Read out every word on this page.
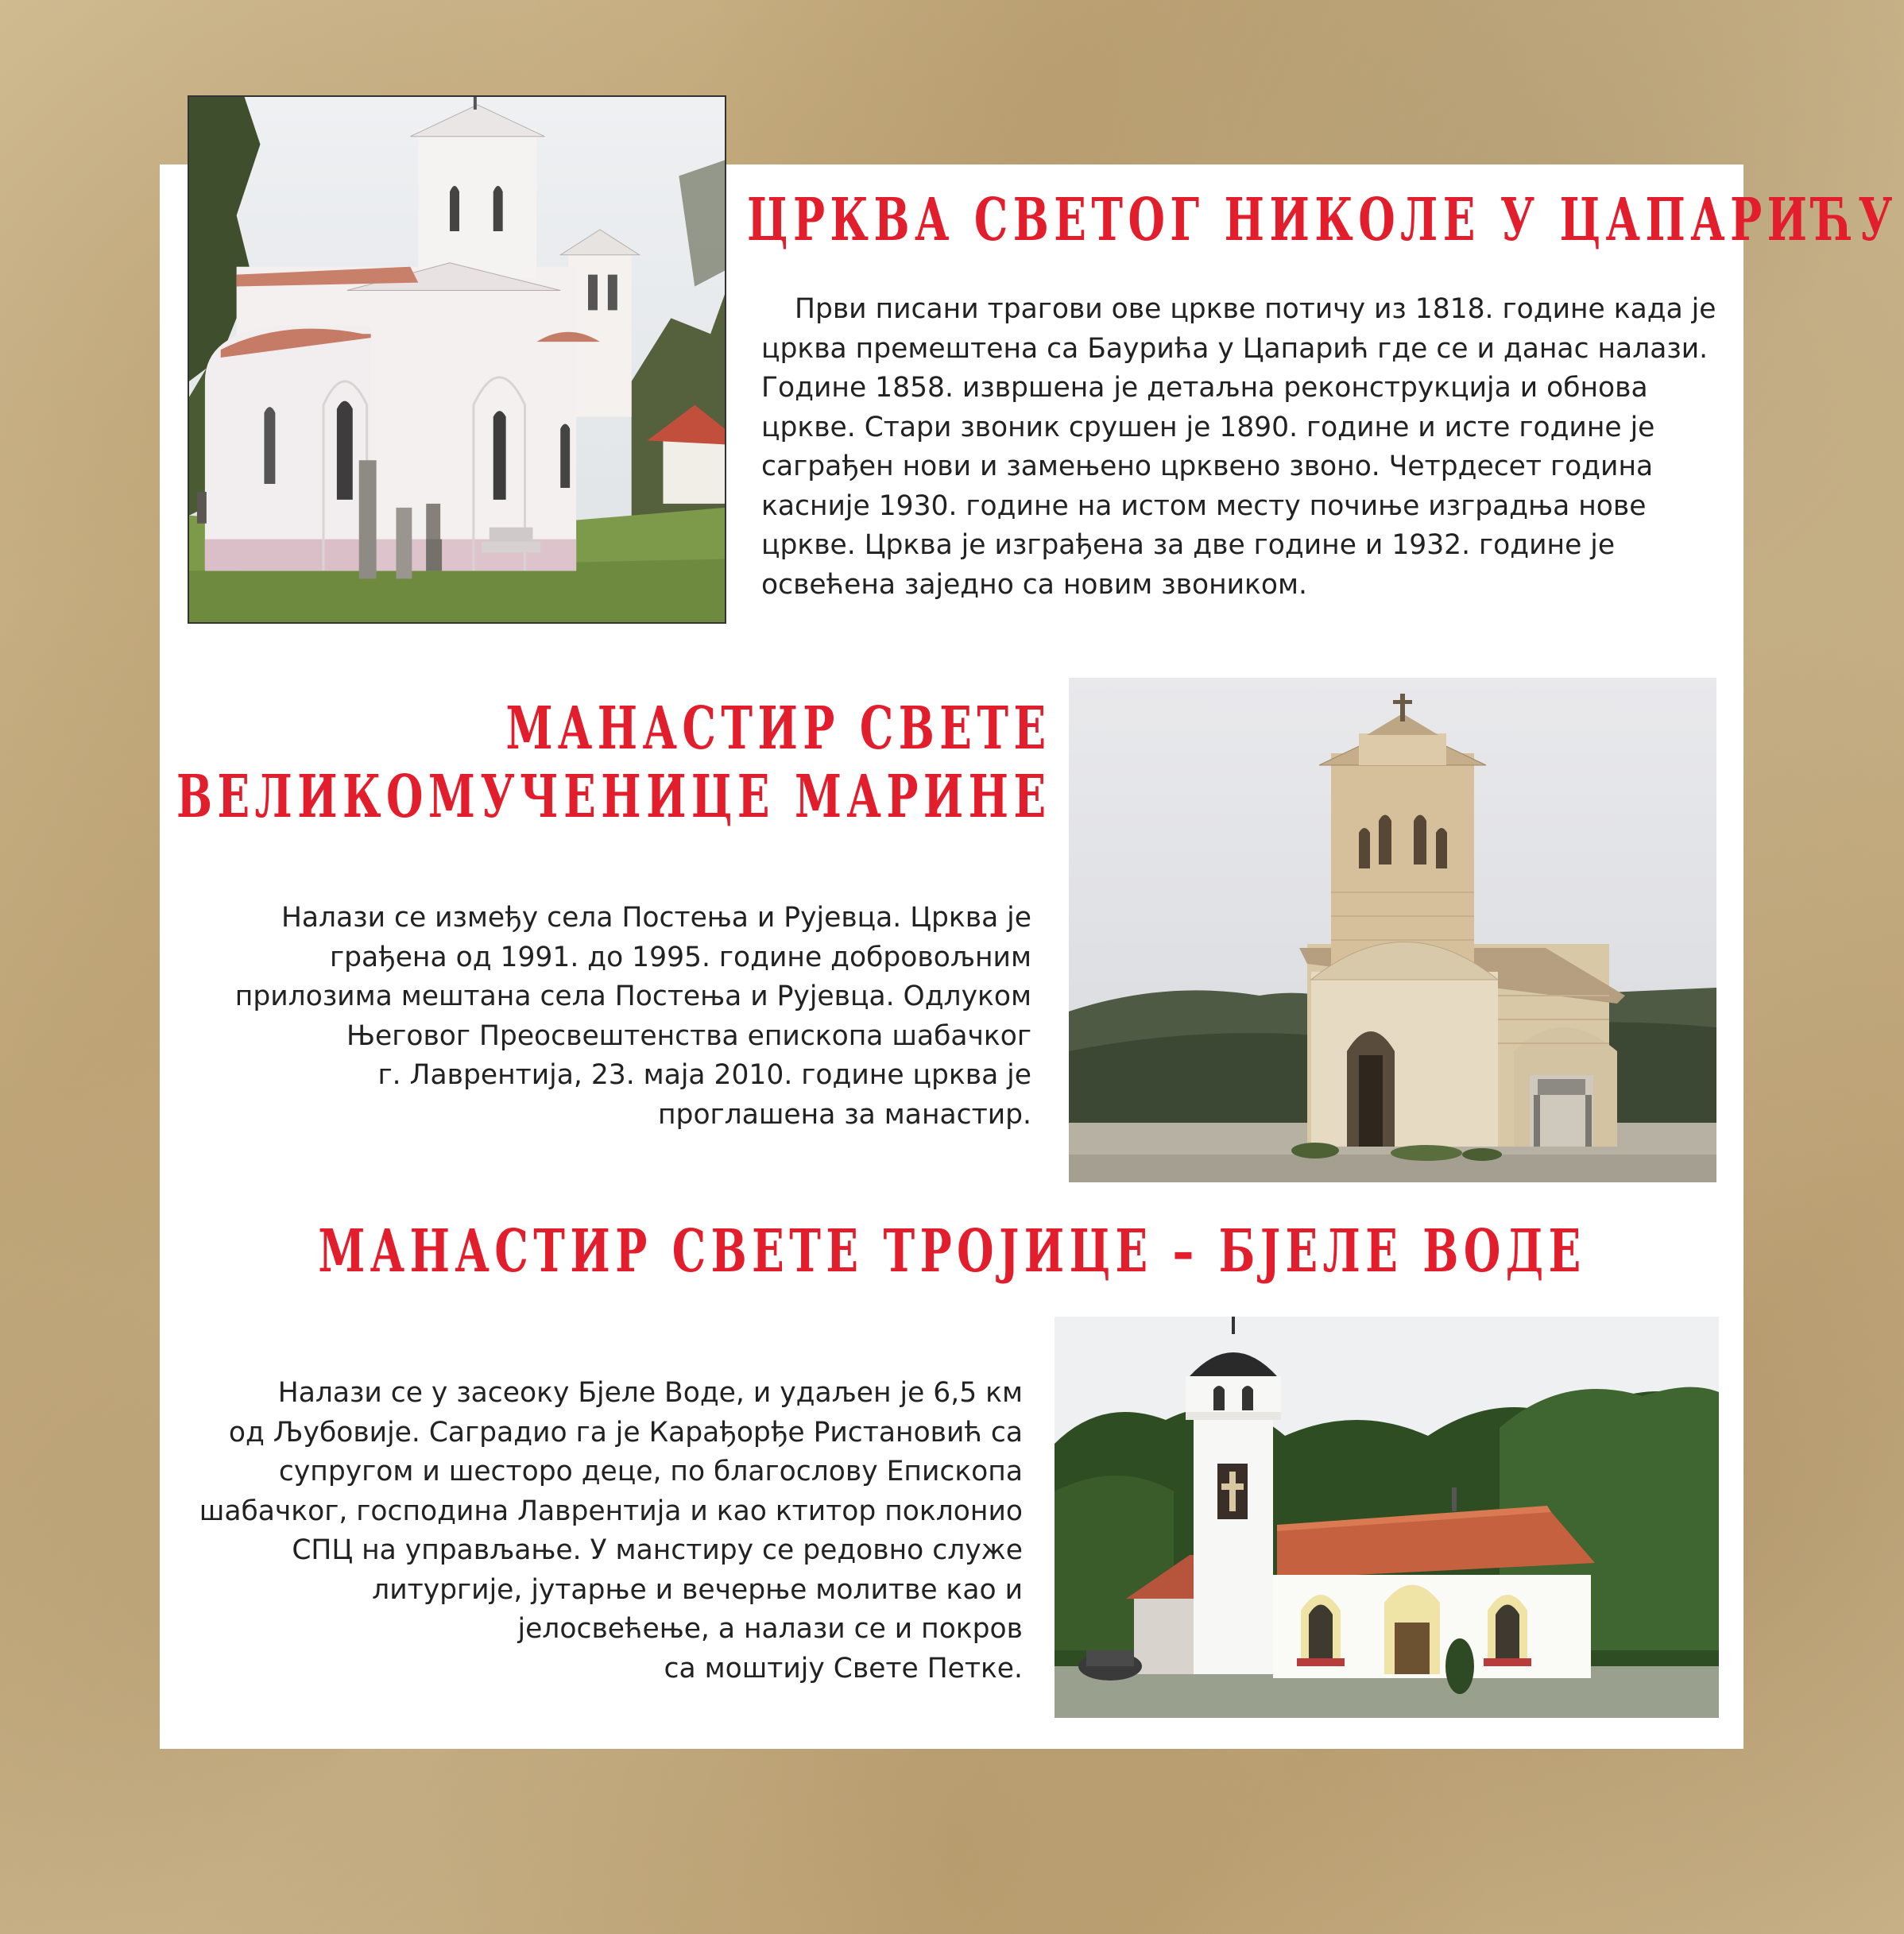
ЦРКВА СВЕТОГ НИКОЛЕ У ЦАПАРИЋУ
МАНАСТИР СВЕТЕ
ВЕЛИКОМУЧЕНИЦЕ МАРИНЕ
МАНАСТИР СВЕТЕ ТРОЈИЦЕ – БЈЕЛЕ ВОДЕ
Први писани трагови ове цркве потичу из 1818. године када је
црква премештена са Баурића у Цапарић где се и данас налази.
Године 1858. извршена је детаљна реконструкција и обнова
цркве. Стари звоник срушен је 1890. године и исте године је
саграђен нови и замењено црквено звоно. Четрдесет година
касније 1930. године на истом месту почиње изградња нове
цркве. Црква је изграђена за две године и 1932. године је
освећена заједно са новим звоником.
Налази се између села Постења и Рујевца. Црква је
грађена од 1991. до 1995. године добровољним
прилозима мештана села Постења и Рујевца. Одлуком
Његовог Преосвештенства епископа шабачког
г. Лаврентија, 23. маја 2010. године црква је
проглашена за манастир.
Налази се у засеоку Бјеле Воде, и удаљен је 6,5 км
од Љубовије. Саградио га је Карађорђе Ристановић са
супругом и шесторо деце, по благослову Епископа
шабачког, господина Лаврентија и као ктитор поклонио
СПЦ на управљање. У манстиру се редовно служе
литургије, јутарње и вечерње молитве као и
јелосвећење, а налази се и покров
са моштију Свете Петке.
